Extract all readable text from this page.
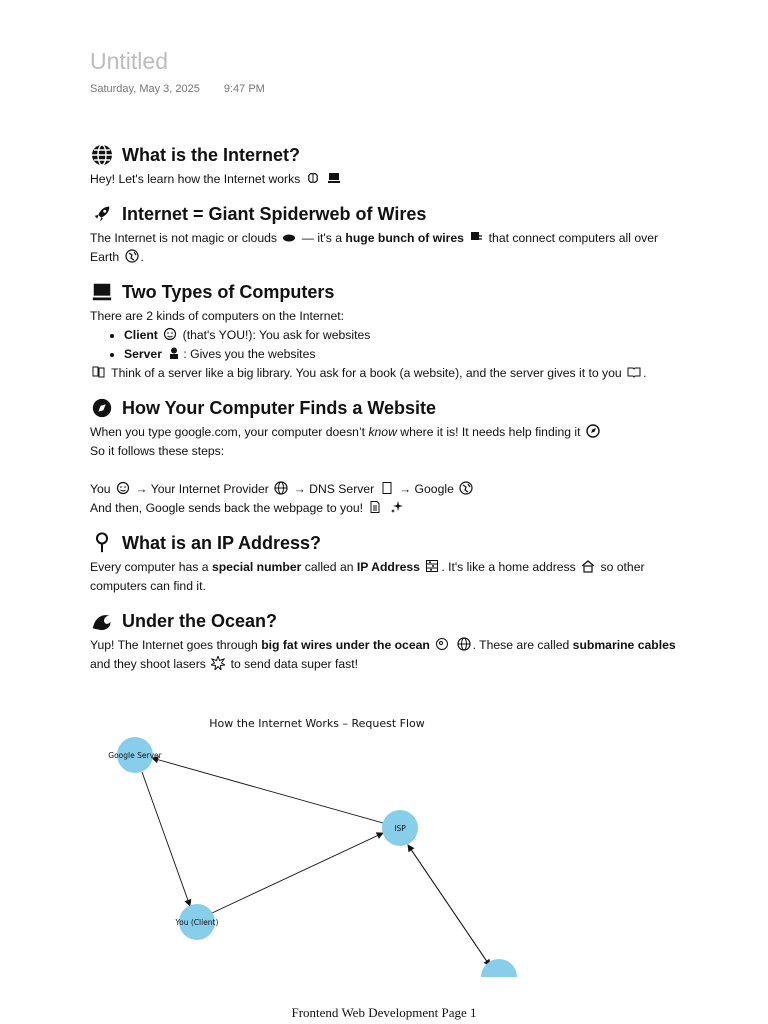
Untitled
Saturday, May 3, 2025 9:47 PM
What is the Internet?

Hey! Let's learn how the Internet works

Internet = Giant Spiderweb of Wires

The Internet is not magic or clouds  — it's a huge bunch of wires  that connect computers all over Earth .

Two Types of Computers

There are 2 kinds of computers on the Internet:

• Client  (that's YOU!): You ask for websites
• Server : Gives you the websites

Think of a server like a big library. You ask for a book (a website), and the server gives it to you .

How Your Computer Finds a Website

When you type google.com, your computer doesn’t know where it is! It needs help finding it

So it follows these steps:

You  → Your Internet Provider  → DNS Server  → Google

And then, Google sends back the webpage to you!

What is an IP Address?

Every computer has a special number called an IP Address . It's like a home address  so other computers can find it.

Under the Ocean?

Yup! The Internet goes through big fat wires under the ocean	. These are called submarine cables and they shoot lasers  to send data super fast!

How the Internet Works – Request Flow
Google Server
ISP
You (Client)
Frontend Web Development Page 1
